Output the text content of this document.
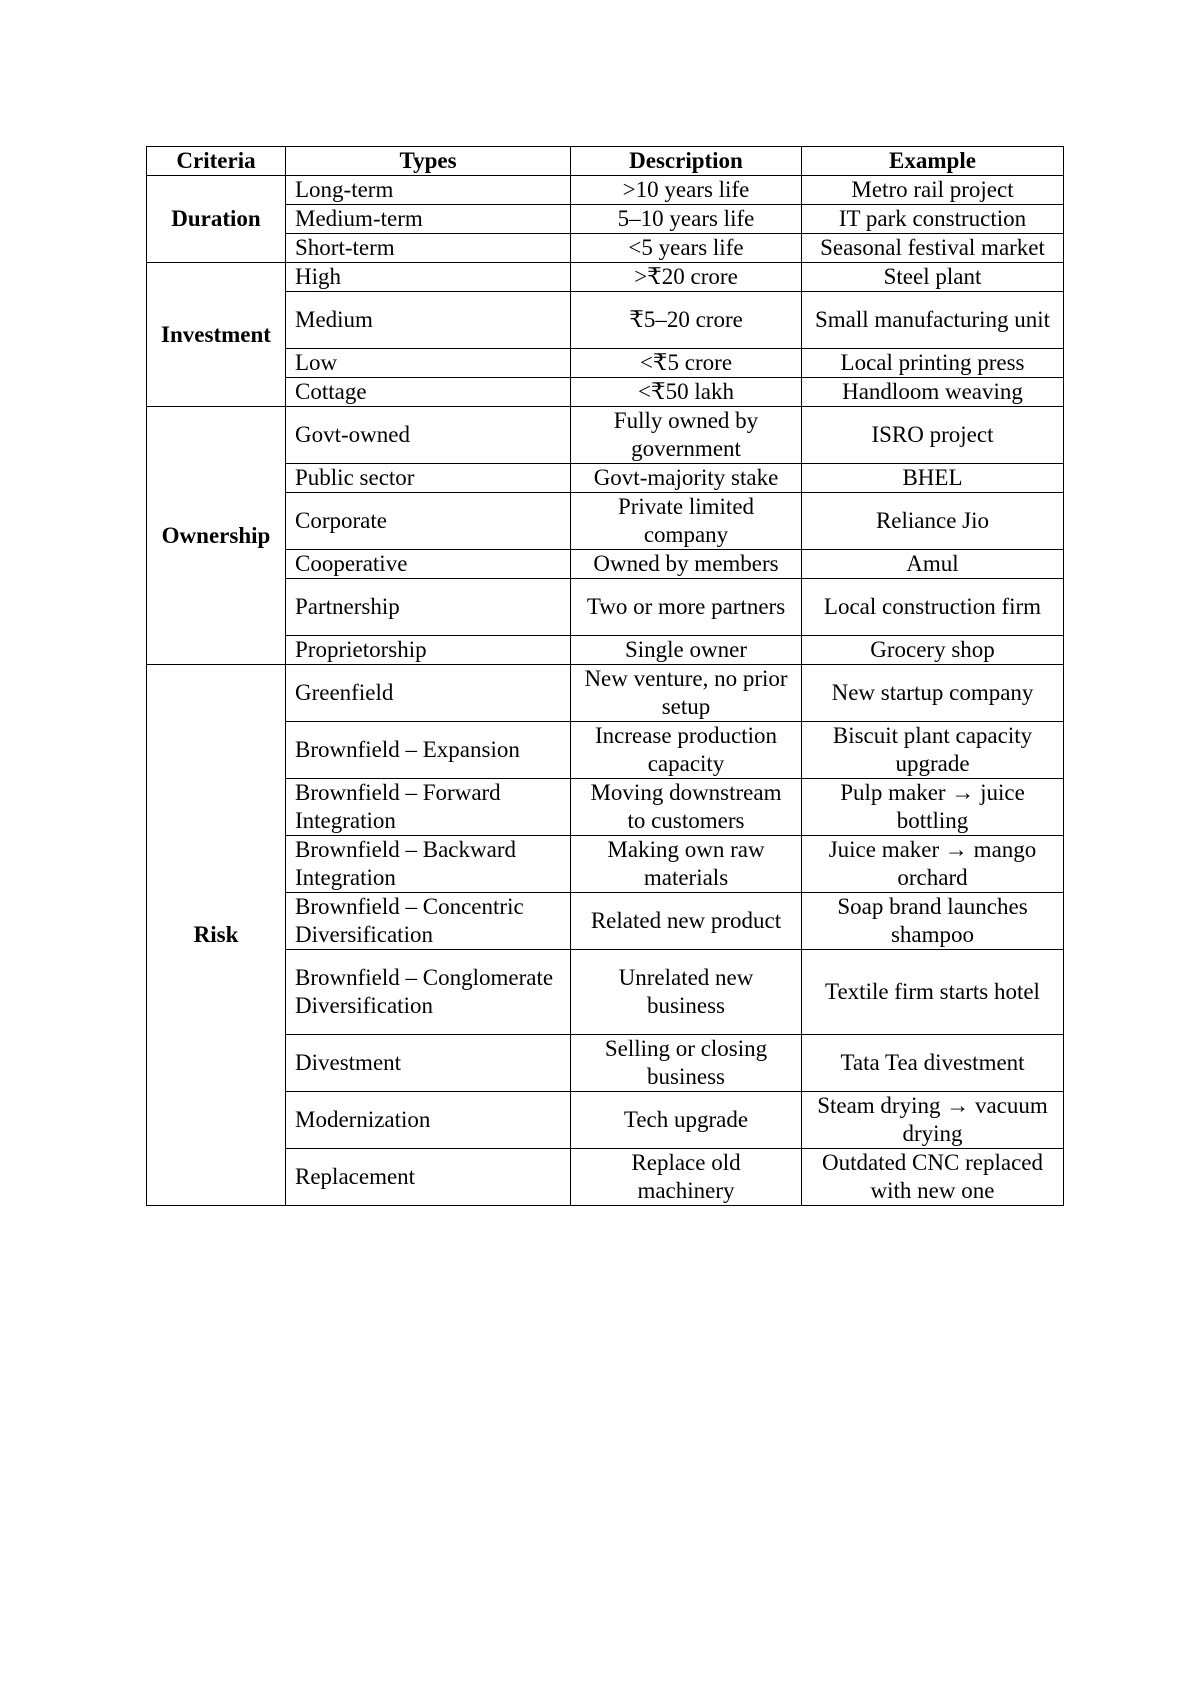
Criteria	Types	Description	Example
Duration	Long-term	>10 years life	Metro rail project
	Medium-term	5–10 years life	IT park construction
	Short-term	<5 years life	Seasonal festival market
Investment	High	>₹20 crore	Steel plant
	Medium	₹5–20 crore	Small manufacturing unit
	Low	<₹5 crore	Local printing press
	Cottage	<₹50 lakh	Handloom weaving
Ownership	Govt-owned	Fully owned by government	ISRO project
	Public sector	Govt-majority stake	BHEL
	Corporate	Private limited company	Reliance Jio
	Cooperative	Owned by members	Amul
	Partnership	Two or more partners	Local construction firm
	Proprietorship	Single owner	Grocery shop
Risk	Greenfield	New venture, no prior setup	New startup company
	Brownfield – Expansion	Increase production capacity	Biscuit plant capacity upgrade
	Brownfield – Forward Integration	Moving downstream to customers	Pulp maker → juice bottling
	Brownfield – Backward Integration	Making own raw materials	Juice maker → mango orchard
	Brownfield – Concentric Diversification	Related new product	Soap brand launches shampoo
	Brownfield – Conglomerate Diversification	Unrelated new business	Textile firm starts hotel
	Divestment	Selling or closing business	Tata Tea divestment
	Modernization	Tech upgrade	Steam drying → vacuum drying
	Replacement	Replace old machinery	Outdated CNC replaced with new one
